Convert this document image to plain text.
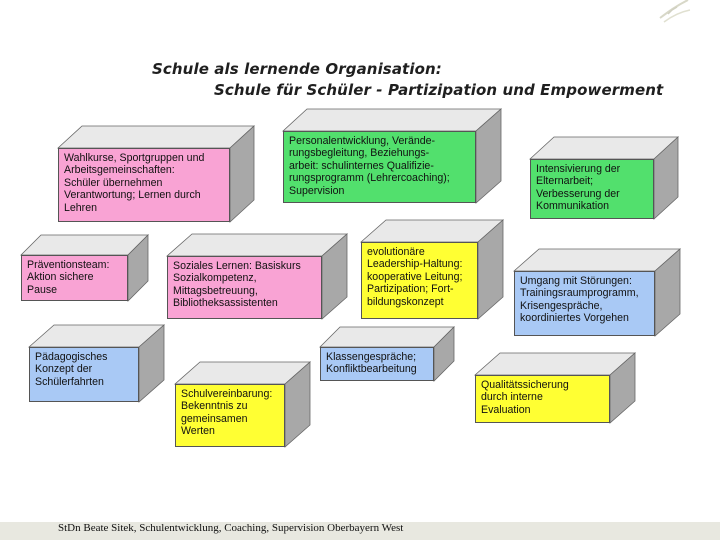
Schule als lernende Organisation:
Schule für Schüler - Partizipation und Empowerment
Wahlkurse, Sportgruppen und
Arbeitsgemeinschaften:
Schüler übernehmen
Verantwortung; Lernen durch
Lehren
Personalentwicklung, Verände-
rungsbegleitung, Beziehungs-
arbeit: schulinternes Qualifizie-
rungsprogramm (Lehrercoaching);
Supervision
Intensivierung der
Elternarbeit;
Verbesserung der
Kommunikation
Präventionsteam:
Aktion sichere
Pause
Soziales Lernen: Basiskurs
Sozialkompetenz,
Mittagsbetreuung,
Bibliotheksassistenten
evolutionäre
Leadership-Haltung:
kooperative Leitung;
Partizipation; Fort-
bildungskonzept
Umgang mit Störungen:
Trainingsraumprogramm,
Krisengespräche,
koordiniertes Vorgehen
Pädagogisches
Konzept der
Schülerfahrten
Klassengespräche;
Konfliktbearbeitung
Schulvereinbarung:
Bekenntnis zu
gemeinsamen
Werten
Qualitätssicherung
durch interne
Evaluation
StDn Beate Sitek, Schulentwicklung, Coaching, Supervision Oberbayern West
